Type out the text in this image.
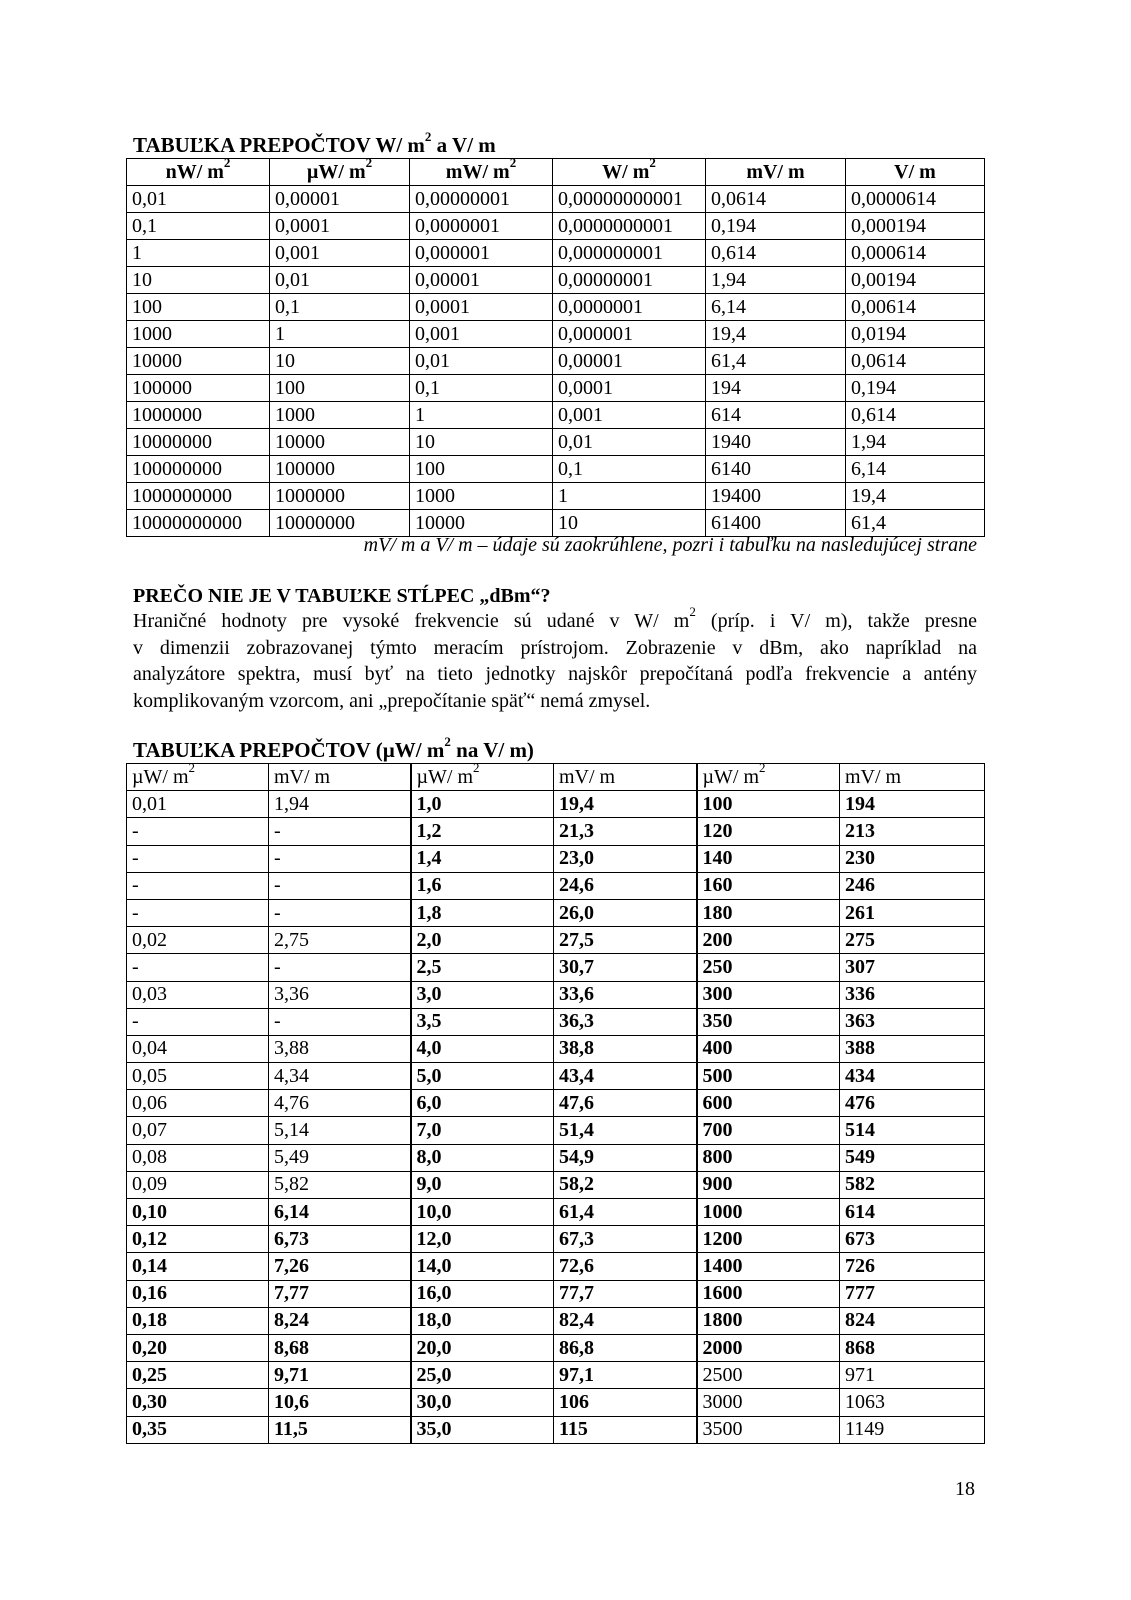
TABUĽKA PREPOČTOV W/ $m^2$ a V/ m
nW/ $m^2$	µW/ $m^2$	mW/ $m^2$	W/ $m^2$	mV/ m	V/ m
0,01	0,00001	0,00000001	0,00000000001	0,0614	0,0000614
0,1	0,0001	0,0000001	0,0000000001	0,194	0,000194
1	0,001	0,000001	0,000000001	0,614	0,000614
10	0,01	0,00001	0,00000001	1,94	0,00194
100	0,1	0,0001	0,0000001	6,14	0,00614
1000	1	0,001	0,000001	19,4	0,0194
10000	10	0,01	0,00001	61,4	0,0614
100000	100	0,1	0,0001	194	0,194
1000000	1000	1	0,001	614	0,614
10000000	10000	10	0,01	1940	1,94
100000000	100000	100	0,1	6140	6,14
1000000000	1000000	1000	1	19400	19,4
10000000000	10000000	10000	10	61400	61,4
mV/ m a V/ m – údaje sú zaokrúhlene, pozri i tabuľku na nasledujúcej strane
PREČO NIE JE V TABUĽKE STĹPEC „dBm“?
Hraničné hodnoty pre vysoké frekvencie sú udané v W/ $m^2$ (príp. i V/ m), takže presne
v dimenzii zobrazovanej týmto meracím prístrojom. Zobrazenie v dBm, ako napríklad na
analyzátore spektra, musí byť na tieto jednotky najskôr prepočítaná podľa frekvencie a antény
komplikovaným vzorcom, ani „prepočítanie späť“ nemá zmysel.
TABUĽKA PREPOČTOV (µW/ $m^2$ na V/ m)
µW/ $m^2$	mV/ m	µW/ $m^2$	mV/ m	µW/ $m^2$	mV/ m
0,01	1,94	1,0	19,4	100	194
-	-	1,2	21,3	120	213
-	-	1,4	23,0	140	230
-	-	1,6	24,6	160	246
-	-	1,8	26,0	180	261
0,02	2,75	2,0	27,5	200	275
-	-	2,5	30,7	250	307
0,03	3,36	3,0	33,6	300	336
-	-	3,5	36,3	350	363
0,04	3,88	4,0	38,8	400	388
0,05	4,34	5,0	43,4	500	434
0,06	4,76	6,0	47,6	600	476
0,07	5,14	7,0	51,4	700	514
0,08	5,49	8,0	54,9	800	549
0,09	5,82	9,0	58,2	900	582
0,10	6,14	10,0	61,4	1000	614
0,12	6,73	12,0	67,3	1200	673
0,14	7,26	14,0	72,6	1400	726
0,16	7,77	16,0	77,7	1600	777
0,18	8,24	18,0	82,4	1800	824
0,20	8,68	20,0	86,8	2000	868
0,25	9,71	25,0	97,1	2500	971
0,30	10,6	30,0	106	3000	1063
0,35	11,5	35,0	115	3500	1149
18
